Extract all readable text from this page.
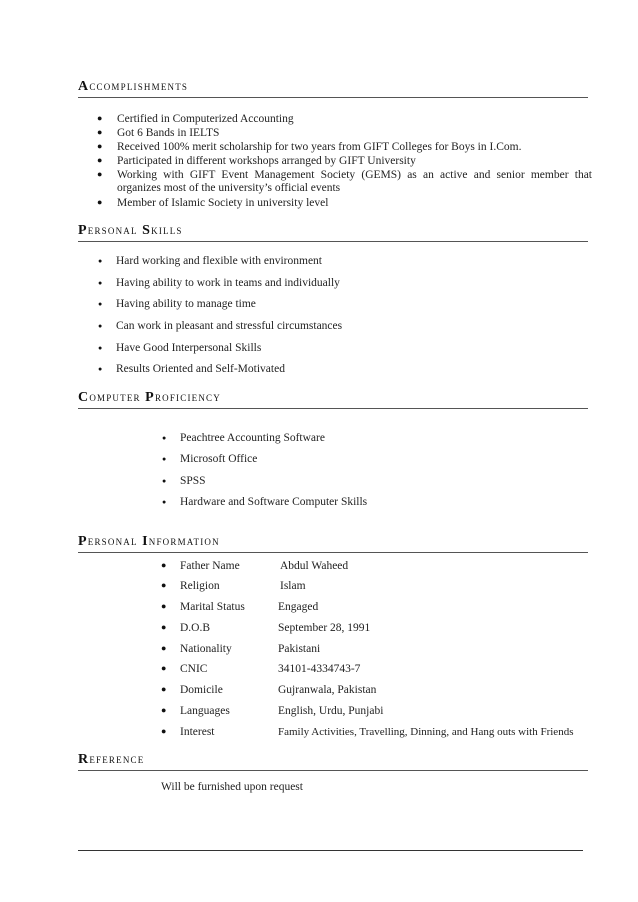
Accomplishments
● Certified in Computerized Accounting
● Got 6 Bands in IELTS
● Received 100% merit scholarship for two years from GIFT Colleges for Boys in I.Com.
● Participated in different workshops arranged by GIFT University
● Working with GIFT Event Management Society (GEMS) as an active and senior member that organizes most of the university’s official events
● Member of Islamic Society in university level
Personal Skills
● Hard working and flexible with environment
● Having ability to work in teams and individually
● Having ability to manage time
● Can work in pleasant and stressful circumstances
● Have Good Interpersonal Skills
● Results Oriented and Self-Motivated
Computer Proficiency
● Peachtree Accounting Software
● Microsoft Office
● SPSS
● Hardware and Software Computer Skills
Personal Information
● Father Name	Abdul Waheed
● Religion	Islam
● Marital Status	Engaged
● D.O.B	September 28, 1991
● Nationality	Pakistani
● CNIC	34101-4334743-7
● Domicile	Gujranwala, Pakistan
● Languages	English, Urdu, Punjabi
● Interest	Family Activities, Travelling, Dinning, and Hang outs with Friends
Reference
Will be furnished upon request
